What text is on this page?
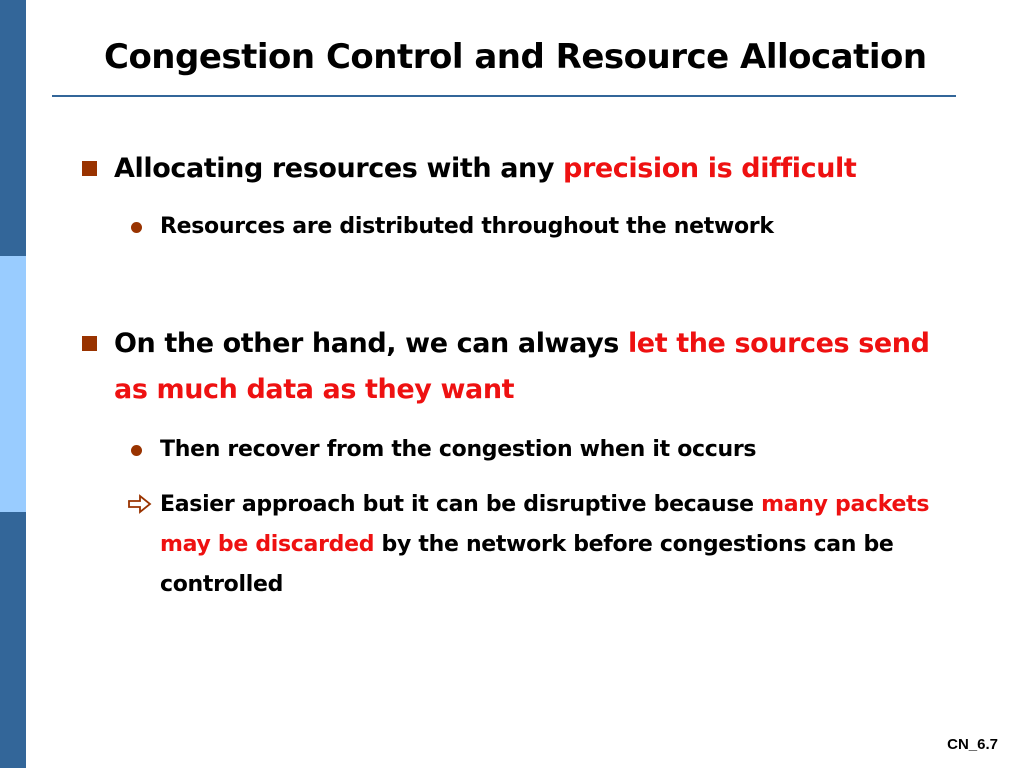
Congestion Control and Resource Allocation
Allocating resources with any precision is difficult
Resources are distributed throughout the network
On the other hand, we can always let the sources send as much data as they want
Then recover from the congestion when it occurs
Easier approach but it can be disruptive because many packets may be discarded by the network before congestions can be controlled
CN_6.7
